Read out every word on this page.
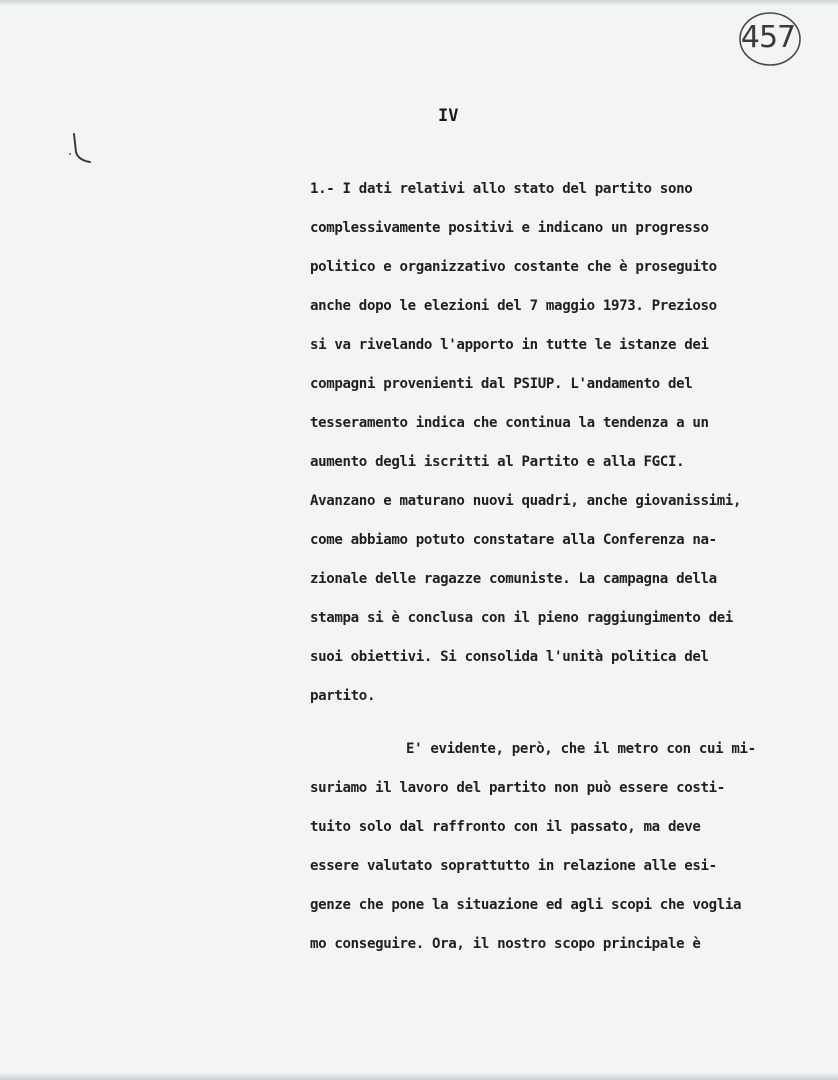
457
IV
1.- I dati relativi allo stato del partito sono
complessivamente positivi e indicano un progresso
politico e organizzativo costante che è proseguito
anche dopo le elezioni del 7 maggio 1973. Prezioso
si va rivelando l'apporto in tutte le istanze dei
compagni provenienti dal PSIUP. L'andamento del
tesseramento indica che continua la tendenza a un
aumento degli iscritti al Partito e alla FGCI.
Avanzano e maturano nuovi quadri, anche giovanissimi,
come abbiamo potuto constatare alla Conferenza na-
zionale delle ragazze comuniste. La campagna della
stampa si è conclusa con il pieno raggiungimento dei
suoi obiettivi. Si consolida l'unità politica del
partito.
E' evidente, però, che il metro con cui mi-
suriamo il lavoro del partito non può essere costi-
tuito solo dal raffronto con il passato, ma deve
essere valutato soprattutto in relazione alle esi-
genze che pone la situazione ed agli scopi che voglia
mo conseguire. Ora, il nostro scopo principale è
